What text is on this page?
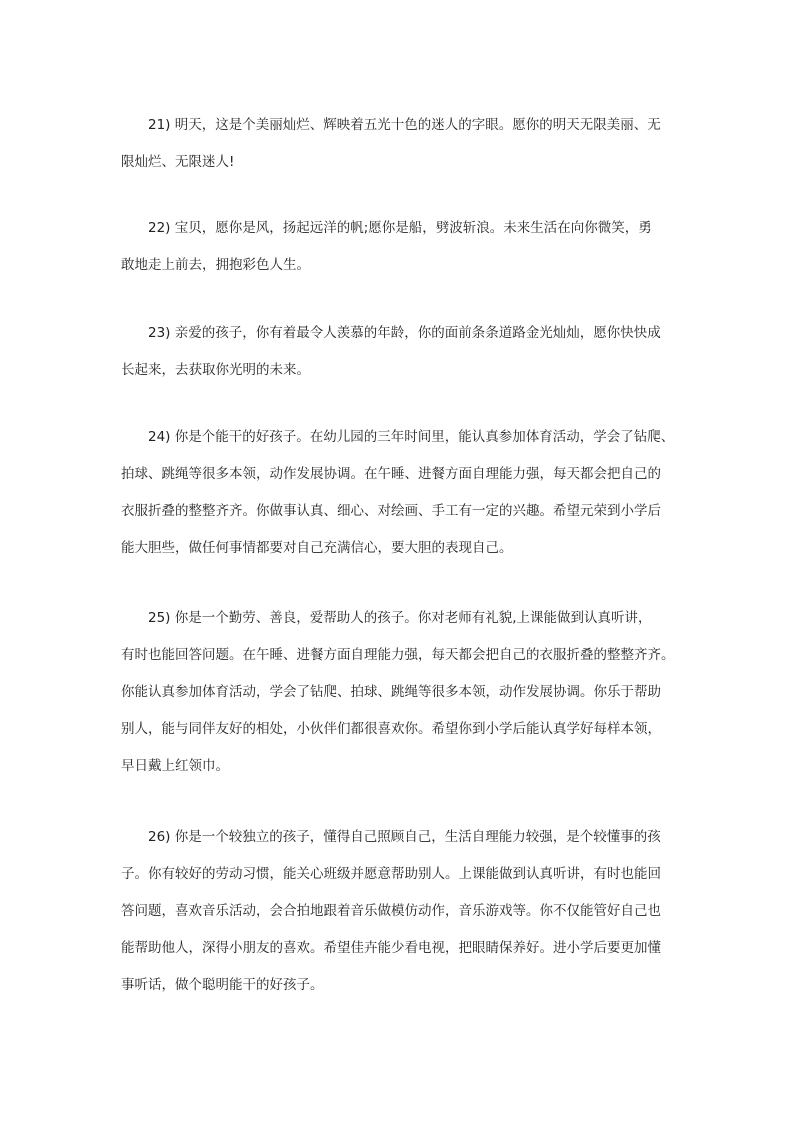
21) 明天，这是个美丽灿烂、辉映着五光十色的迷人的字眼。愿你的明天无限美丽、无
限灿烂、无限迷人!
22) 宝贝，愿你是风，扬起远洋的帆;愿你是船，劈波斩浪。未来生活在向你微笑，勇
敢地走上前去，拥抱彩色人生。
23) 亲爱的孩子，你有着最令人羡慕的年龄，你的面前条条道路金光灿灿，愿你快快成
长起来，去获取你光明的未来。
24) 你是个能干的好孩子。在幼儿园的三年时间里，能认真参加体育活动，学会了钻爬、
拍球、跳绳等很多本领，动作发展协调。在午睡、进餐方面自理能力强，每天都会把自己的
衣服折叠的整整齐齐。你做事认真、细心、对绘画、手工有一定的兴趣。希望元荣到小学后
能大胆些，做任何事情都要对自己充满信心，要大胆的表现自己。
25) 你是一个勤劳、善良，爱帮助人的孩子。你对老师有礼貌,上课能做到认真听讲，
有时也能回答问题。在午睡、进餐方面自理能力强，每天都会把自己的衣服折叠的整整齐齐。
你能认真参加体育活动，学会了钻爬、拍球、跳绳等很多本领，动作发展协调。你乐于帮助
别人，能与同伴友好的相处，小伙伴们都很喜欢你。希望你到小学后能认真学好每样本领，
早日戴上红领巾。
26) 你是一个较独立的孩子，懂得自己照顾自己，生活自理能力较强，是个较懂事的孩
子。你有较好的劳动习惯，能关心班级并愿意帮助别人。上课能做到认真听讲，有时也能回
答问题，喜欢音乐活动，会合拍地跟着音乐做模仿动作，音乐游戏等。你不仅能管好自己也
能帮助他人，深得小朋友的喜欢。希望佳卉能少看电视，把眼睛保养好。进小学后要更加懂
事听话，做个聪明能干的好孩子。
